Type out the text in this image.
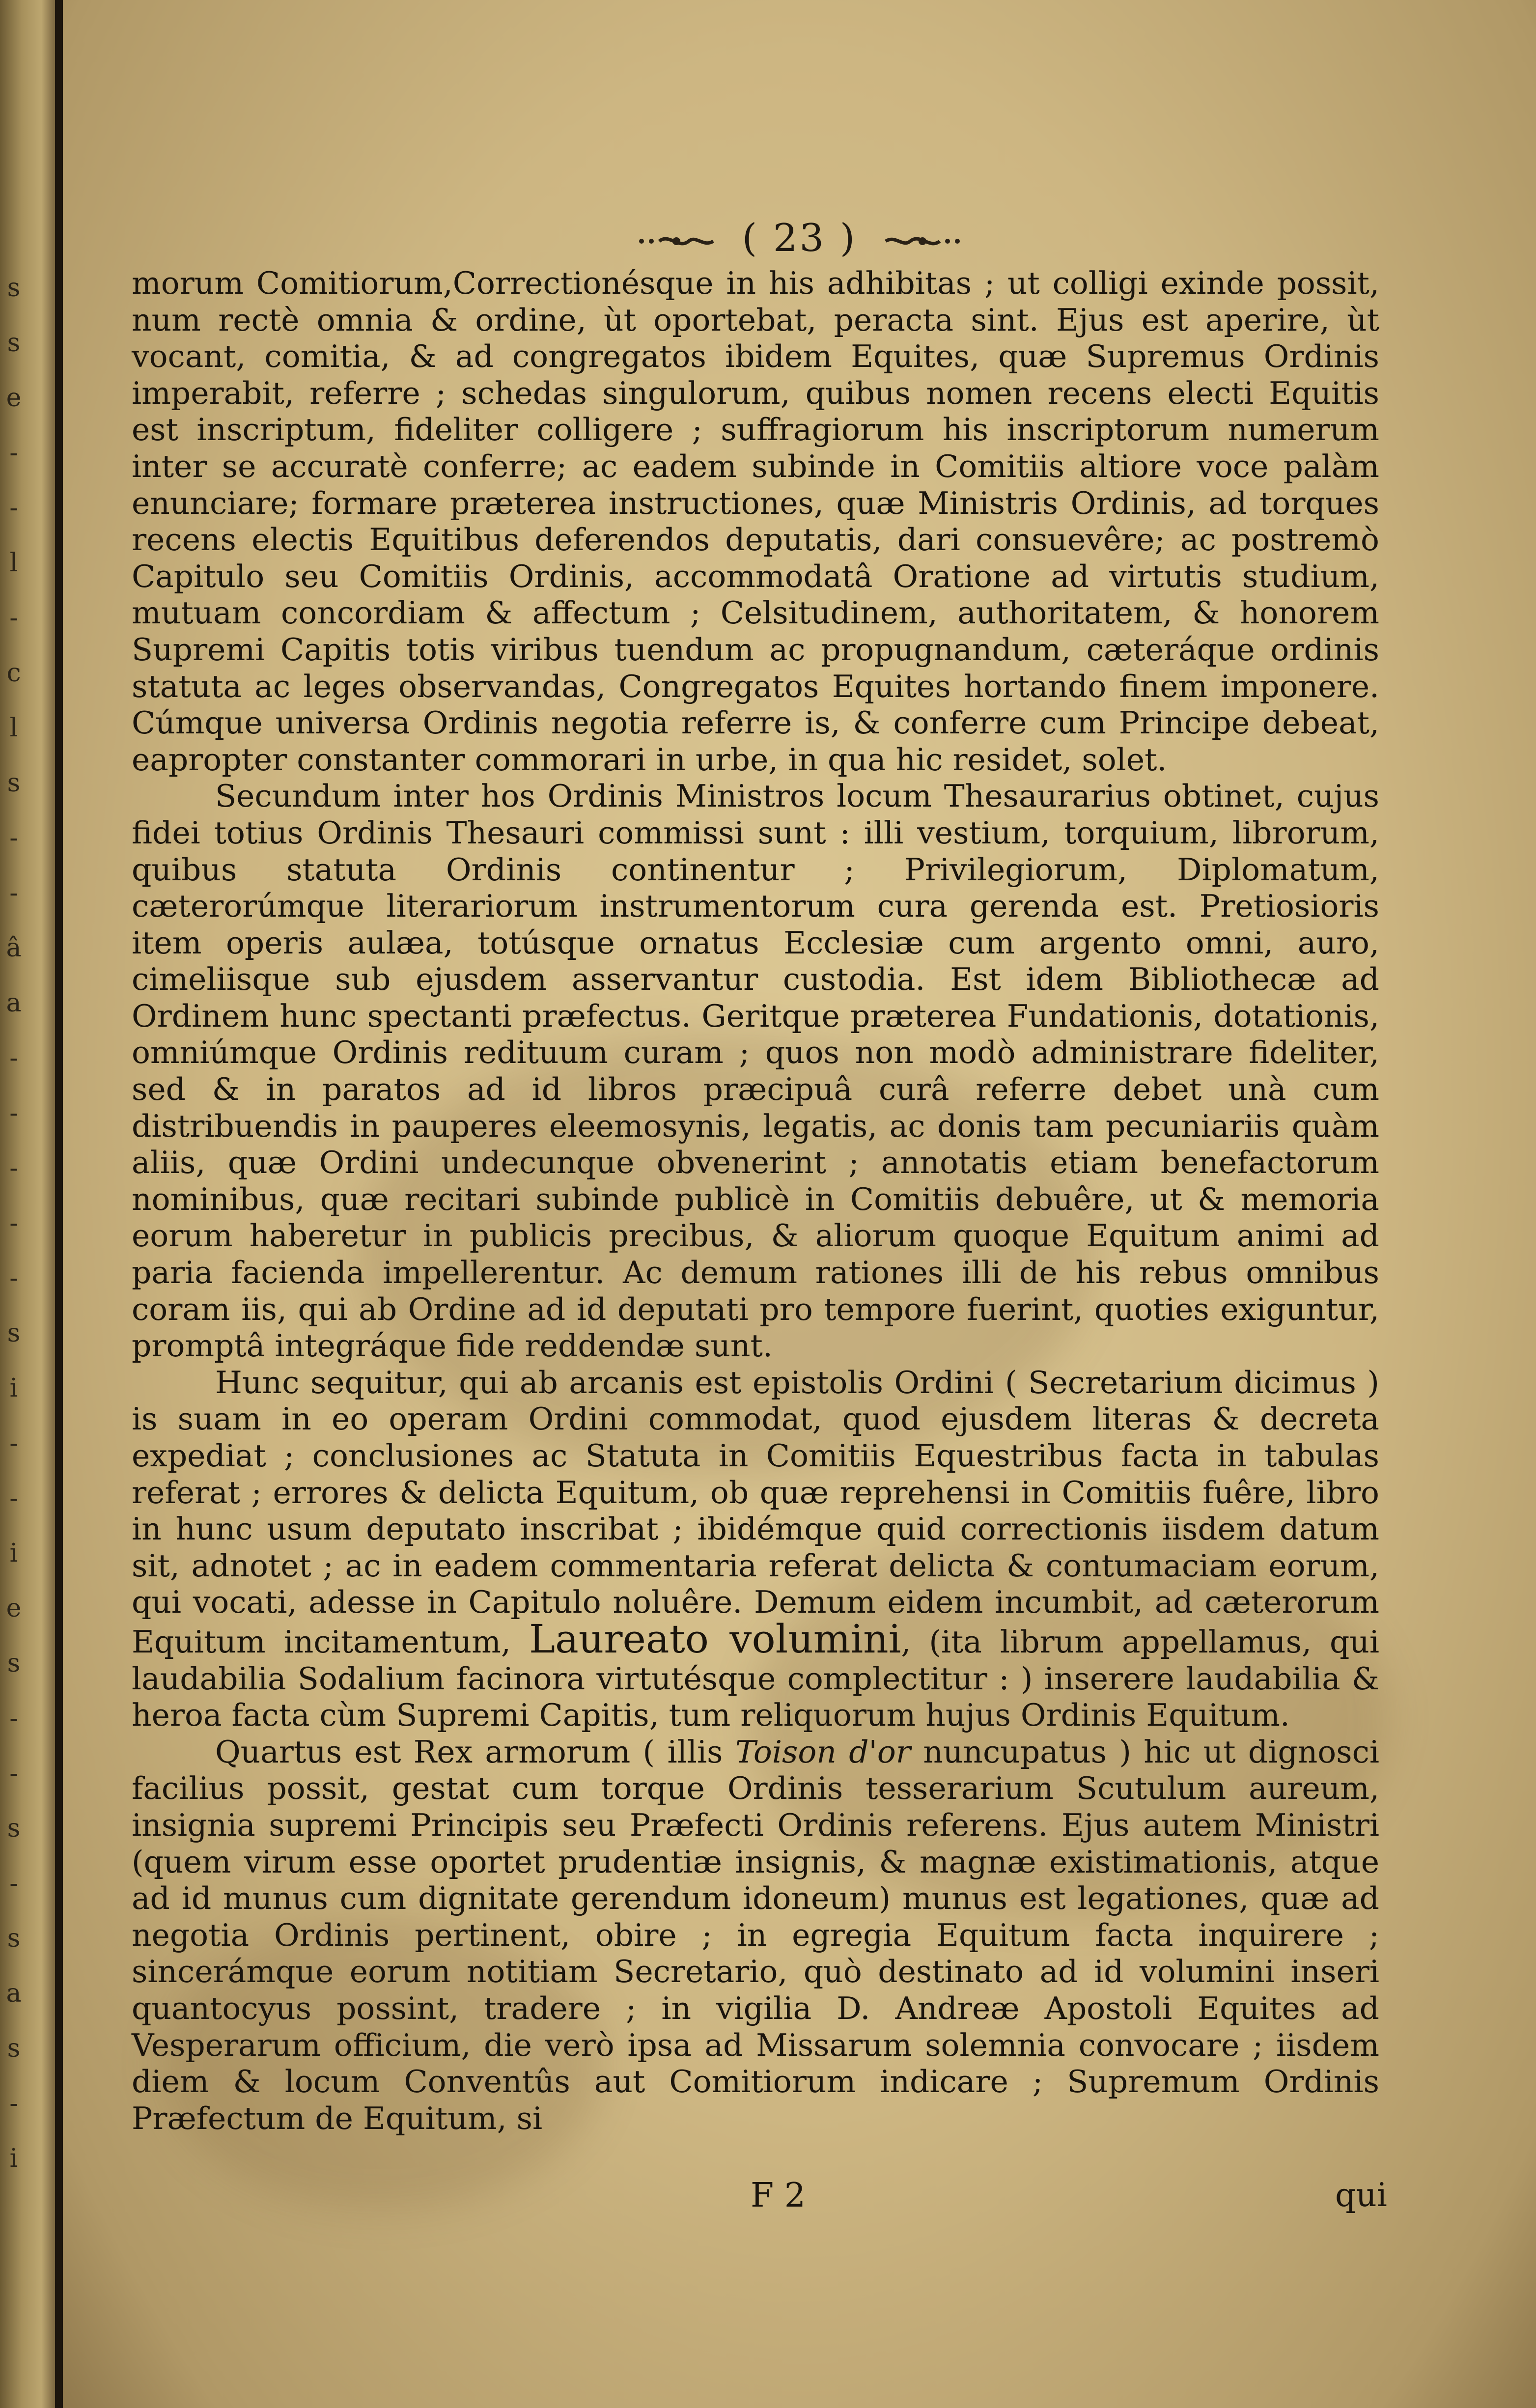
s
s
e
-
-
l
-
c
l
s
-
-
â
a
-
-
-
-
-
s
i
-
-
i
e
s
-
-
s
-
s
a
s
-
i
( 23 )

morum Comitiorum,Correctionésque in his adhibitas ; ut colligi exinde possit, num rectè omnia & ordine, ùt oportebat, peracta sint. Ejus est aperire, ùt vocant, comitia, & ad congregatos ibidem Equites, quæ Supremus Ordinis imperabit, referre ; schedas singulorum, quibus nomen recens electi Equitis est inscriptum, fideliter colligere ; suffragiorum his inscriptorum numerum inter se accuratè conferre; ac eadem subinde in Comitiis altiore voce palàm enunciare; formare præterea instructiones, quæ Ministris Ordinis, ad torques recens electis Equitibus deferendos deputatis, dari consuevêre; ac postremò Capitulo seu Comitiis Ordinis, accommodatâ Oratione ad virtutis studium, mutuam concordiam & affectum ; Celsitudinem, authoritatem, & honorem Supremi Capitis totis viribus tuendum ac propugnandum, cæteráque ordinis statuta ac leges observandas, Congregatos Equites hortando finem imponere. Cúmque universa Ordinis negotia referre is, & conferre cum Principe debeat, eapropter constanter commorari in urbe, in qua hic residet, solet.

Secundum inter hos Ordinis Ministros locum Thesaurarius obtinet, cujus fidei totius Ordinis Thesauri commissi sunt : illi vestium, torquium, librorum, quibus statuta Ordinis continentur ; Privilegiorum, Diplomatum, cæterorúmque literariorum instrumentorum cura gerenda est. Pretiosioris item operis aulæa, totúsque ornatus Ecclesiæ cum argento omni, auro, cimeliisque sub ejusdem asservantur custodia. Est idem Bibliothecæ ad Ordinem hunc spectanti præfectus. Geritque præterea Fundationis, dotationis, omniúmque Ordinis redituum curam ; quos non modò administrare fideliter, sed & in paratos ad id libros præcipuâ curâ referre debet unà cum distribuendis in pauperes eleemosynis, legatis, ac donis tam pecuniariis quàm aliis, quæ Ordini undecunque obvenerint ; annotatis etiam benefactorum nominibus, quæ recitari subinde publicè in Comitiis debuêre, ut & memoria eorum haberetur in publicis precibus, & aliorum quoque Equitum animi ad paria facienda impellerentur. Ac demum rationes illi de his rebus omnibus coram iis, qui ab Ordine ad id deputati pro tempore fuerint, quoties exiguntur, promptâ integráque fide reddendæ sunt.

Hunc sequitur, qui ab arcanis est epistolis Ordini ( Secretarium dicimus ) is suam in eo operam Ordini commodat, quod ejusdem literas & decreta expediat ; conclusiones ac Statuta in Comitiis Equestribus facta in tabulas referat ; errores & delicta Equitum, ob quæ reprehensi in Comitiis fuêre, libro in hunc usum deputato inscribat ; ibidémque quid correctionis iisdem datum sit, adnotet ; ac in eadem commentaria referat delicta & contumaciam eorum, qui vocati, adesse in Capitulo noluêre. Demum eidem incumbit, ad cæterorum Equitum incitamentum, Laureato volumini, (ita librum appellamus, qui laudabilia Sodalium facinora virtutésque complectitur : ) inserere laudabilia & heroa facta cùm Supremi Capitis, tum reliquorum hujus Ordinis Equitum.

Quartus est Rex armorum ( illis Toison d'or nuncupatus ) hic ut dignosci facilius possit, gestat cum torque Ordinis tesserarium Scutulum aureum, insignia supremi Principis seu Præfecti Ordinis referens. Ejus autem Ministri (quem virum esse oportet prudentiæ insignis, & magnæ existimationis, atque ad id munus cum dignitate gerendum idoneum) munus est legationes, quæ ad negotia Ordinis pertinent, obire ; in egregia Equitum facta inquirere ; sincerámque eorum notitiam Secretario, quò destinato ad id volumini inseri quantocyus possint, tradere ; in vigilia D. Andreæ Apostoli Equites ad Vesperarum officium, die verò ipsa ad Missarum solemnia convocare ; iisdem diem & locum Conventûs aut Comitiorum indicare ; Supremum Ordinis Præfectum de Equitum, si

F 2	qui
